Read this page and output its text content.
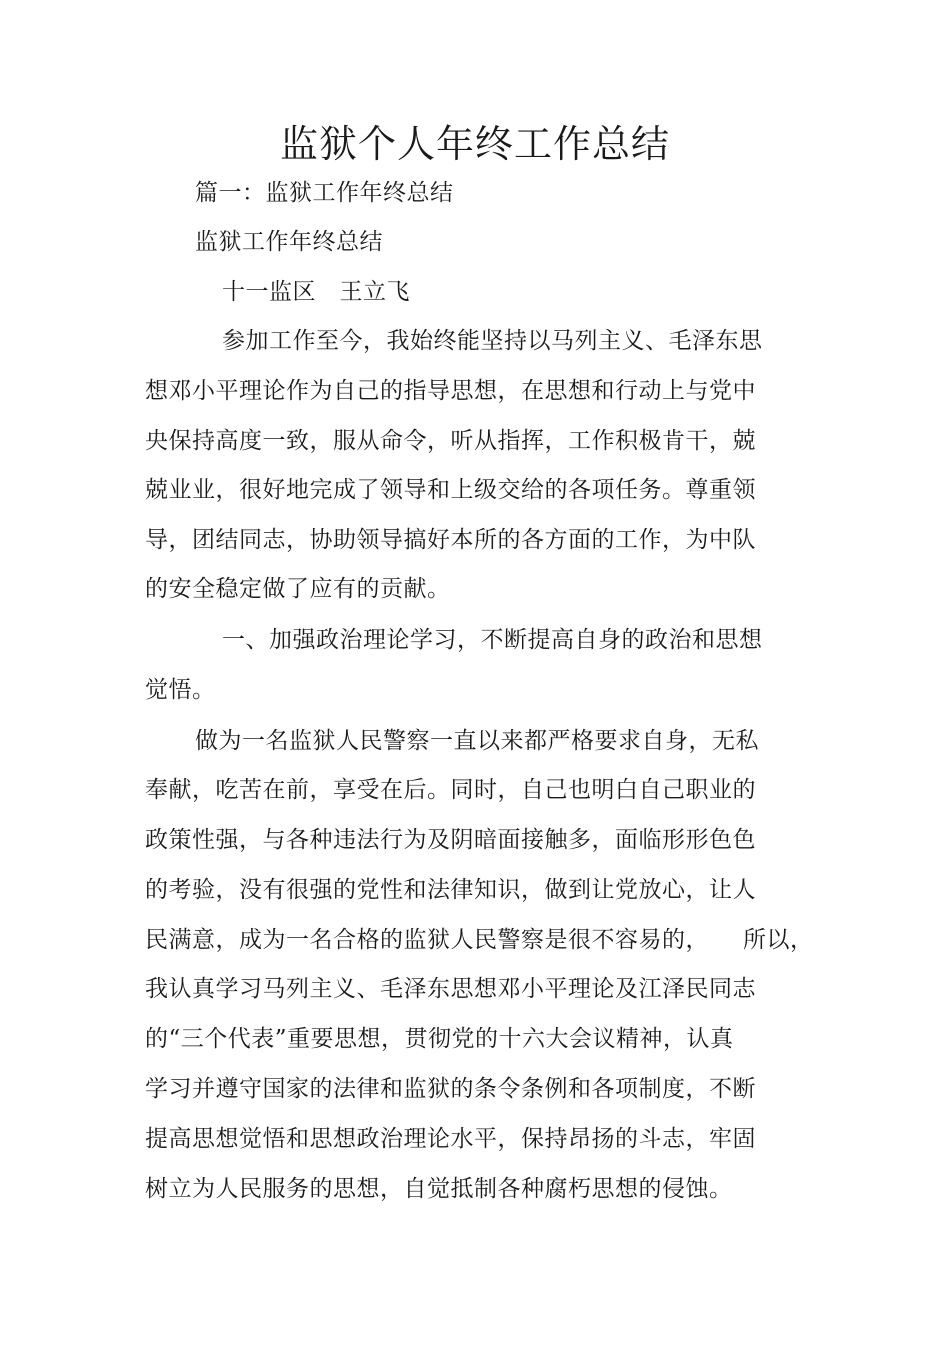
监狱个人年终工作总结
篇一：监狱工作年终总结
监狱工作年终总结
十一监区　王立飞
参加工作至今，我始终能坚持以马列主义、毛泽东思
想邓小平理论作为自己的指导思想，在思想和行动上与党中
央保持高度一致，服从命令，听从指挥，工作积极肯干，兢
兢业业，很好地完成了领导和上级交给的各项任务。尊重领
导，团结同志，协助领导搞好本所的各方面的工作，为中队
的安全稳定做了应有的贡献。
一、加强政治理论学习，不断提高自身的政治和思想
觉悟。
做为一名监狱人民警察一直以来都严格要求自身，无私
奉献，吃苦在前，享受在后。同时，自己也明白自己职业的
政策性强，与各种违法行为及阴暗面接触多，面临形形色色
的考验，没有很强的党性和法律知识，做到让党放心，让人
民满意，成为一名合格的监狱人民警察是很不容易的， 所以，
我认真学习马列主义、毛泽东思想邓小平理论及江泽民同志
的“三个代表”重要思想，贯彻党的十六大会议精神，认真
学习并遵守国家的法律和监狱的条令条例和各项制度，不断
提高思想觉悟和思想政治理论水平，保持昂扬的斗志，牢固
树立为人民服务的思想，自觉抵制各种腐朽思想的侵蚀。
